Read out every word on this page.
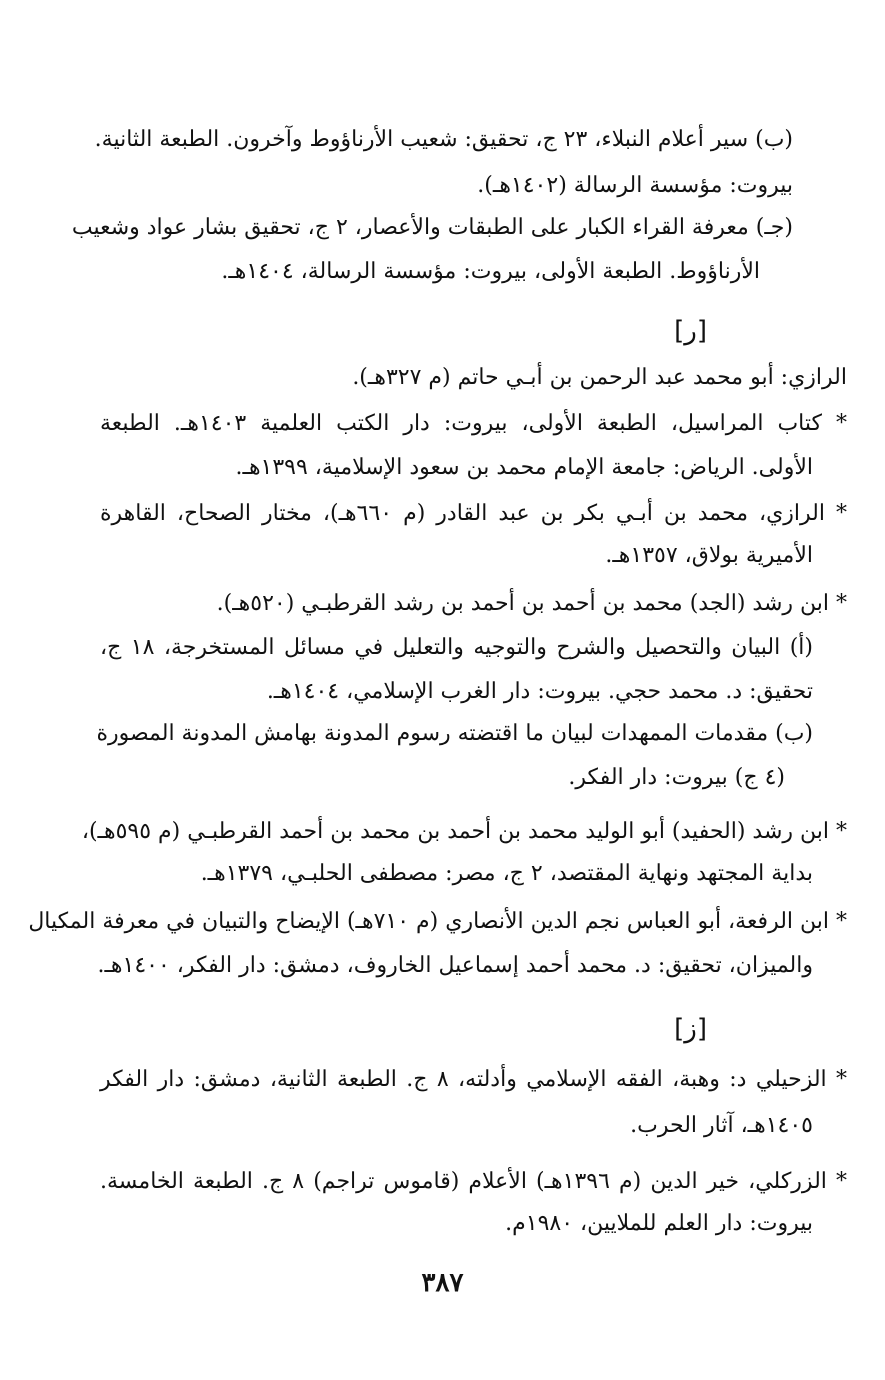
(ب) سير أعلام النبلاء، ٢٣ ج، تحقيق: شعيب الأرناؤوط وآخرون. الطبعة الثانية.
بيروت: مؤسسة الرسالة (١٤٠٢هـ).
(جـ) معرفة القراء الكبار على الطبقات والأعصار، ٢ ج، تحقيق بشار عواد وشعيب
الأرناؤوط. الطبعة الأولى، بيروت: مؤسسة الرسالة، ١٤٠٤هـ.
[ر]
الرازي: أبو محمد عبد الرحمن بن أبـي حاتم (م ٣٢٧هـ).
* كتاب المراسيل، الطبعة الأولى، بيروت: دار الكتب العلمية ١٤٠٣هـ. الطبعة
الأولى. الرياض: جامعة الإمام محمد بن سعود الإسلامية، ١٣٩٩هـ.
* الرازي، محمد بن أبـي بكر بن عبد القادر (م ٦٦٠هـ)، مختار الصحاح، القاهرة
الأميرية بولاق، ١٣٥٧هـ.
* ابن رشد (الجد) محمد بن أحمد بن أحمد بن رشد القرطبـي (٥٢٠هـ).
(أ) البيان والتحصيل والشرح والتوجيه والتعليل في مسائل المستخرجة، ١٨ ج،
تحقيق: د. محمد حجي. بيروت: دار الغرب الإسلامي، ١٤٠٤هـ.
(ب) مقدمات الممهدات لبيان ما اقتضته رسوم المدونة بهامش المدونة المصورة
(٤ ج) بيروت: دار الفكر.
* ابن رشد (الحفيد) أبو الوليد محمد بن أحمد بن محمد بن أحمد القرطبـي (م ٥٩٥هـ)،
بداية المجتهد ونهاية المقتصد، ٢ ج، مصر: مصطفى الحلبـي، ١٣٧٩هـ.
* ابن الرفعة، أبو العباس نجم الدين الأنصاري (م ٧١٠هـ) الإيضاح والتبيان في معرفة المكيال
والميزان، تحقيق: د. محمد أحمد إسماعيل الخاروف، دمشق: دار الفكر، ١٤٠٠هـ.
[ز]
* الزحيلي د: وهبة، الفقه الإسلامي وأدلته، ٨ ج. الطبعة الثانية، دمشق: دار الفكر
١٤٠٥هـ، آثار الحرب.
* الزركلي، خير الدين (م ١٣٩٦هـ) الأعلام (قاموس تراجم) ٨ ج. الطبعة الخامسة.
بيروت: دار العلم للملايين، ١٩٨٠م.
٣٨٧
